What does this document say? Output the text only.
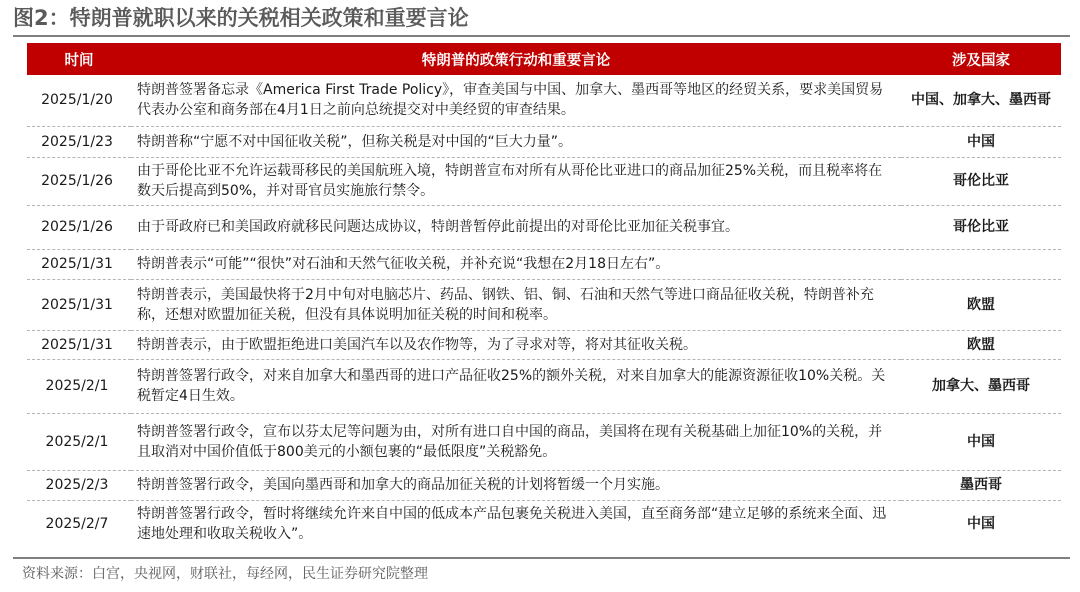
图2：特朗普就职以来的关税相关政策和重要言论
时间	特朗普的政策行动和重要言论	涉及国家
2025/1/20	特朗普签署备忘录《America First Trade Policy》，审查美国与中国、加拿大、墨西哥等地区的经贸关系，要求美国贸易代表办公室和商务部在4月1日之前向总统提交对中美经贸的审查结果。	中国、加拿大、墨西哥
2025/1/23	特朗普称“宁愿不对中国征收关税”，但称关税是对中国的“巨大力量”。	中国
2025/1/26	由于哥伦比亚不允许运载哥移民的美国航班入境，特朗普宣布对所有从哥伦比亚进口的商品加征25%关税，而且税率将在数天后提高到50%，并对哥官员实施旅行禁令。	哥伦比亚
2025/1/26	由于哥政府已和美国政府就移民问题达成协议，特朗普暂停此前提出的对哥伦比亚加征关税事宜。	哥伦比亚
2025/1/31	特朗普表示“可能”“很快”对石油和天然气征收关税，并补充说“我想在2月18日左右”。	
2025/1/31	特朗普表示，美国最快将于2月中旬对电脑芯片、药品、钢铁、铝、铜、石油和天然气等进口商品征收关税，特朗普补充称，还想对欧盟加征关税，但没有具体说明加征关税的时间和税率。	欧盟
2025/1/31	特朗普表示，由于欧盟拒绝进口美国汽车以及农作物等，为了寻求对等，将对其征收关税。	欧盟
2025/2/1	特朗普签署行政令，对来自加拿大和墨西哥的进口产品征收25%的额外关税，对来自加拿大的能源资源征收10%关税。关税暂定4日生效。	加拿大、墨西哥
2025/2/1	特朗普签署行政令，宣布以芬太尼等问题为由，对所有进口自中国的商品，美国将在现有关税基础上加征10%的关税，并且取消对中国价值低于800美元的小额包裹的“最低限度”关税豁免。	中国
2025/2/3	特朗普签署行政令，美国向墨西哥和加拿大的商品加征关税的计划将暂缓一个月实施。	墨西哥
2025/2/7	特朗普签署行政令，暂时将继续允许来自中国的低成本产品包裹免关税进入美国，直至商务部“建立足够的系统来全面、迅速地处理和收取关税收入”。	中国
资料来源：白宫，央视网，财联社，每经网，民生证券研究院整理
